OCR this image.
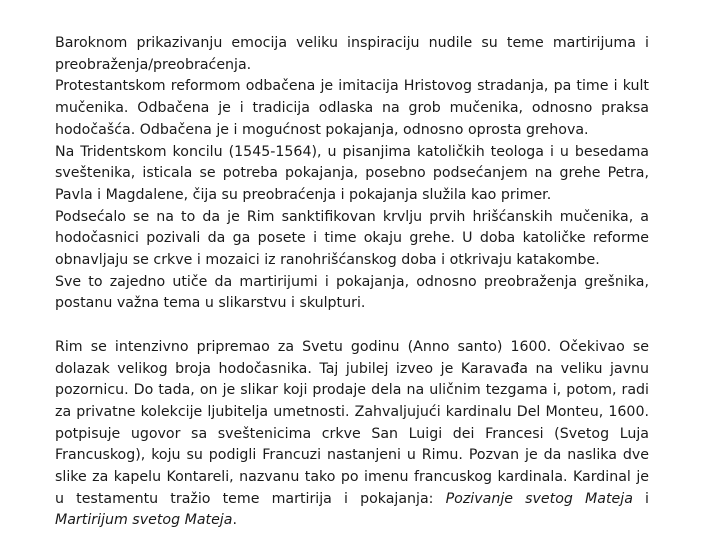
Baroknom prikazivanju emocija veliku inspiraciju nudile su teme martirijuma i preobraženja/preobraćenja.

Protestantskom reformom odbačena je imitacija Hristovog stradanja, pa time i kult mučenika. Odbačena je i tradicija odlaska na grob mučenika, odnosno praksa hodočašća. Odbačena je i mogućnost pokajanja, odnosno oprosta grehova.

Na Tridentskom koncilu (1545-1564), u pisanjima katoličkih teologa i u besedama sveštenika, isticala se potreba pokajanja, posebno podsećanjem na grehe Petra, Pavla i Magdalene, čija su preobraćenja i pokajanja služila kao primer.

Podsećalo se na to da je Rim sanktifikovan krvlju prvih hrišćanskih mučenika, a hodočasnici pozivali da ga posete i time okaju grehe. U doba katoličke reforme obnavljaju se crkve i mozaici iz ranohrišćanskog doba i otkrivaju katakombe.

Sve to zajedno utiče da martirijumi i pokajanja, odnosno preobraženja grešnika, postanu važna tema u slikarstvu i skulpturi.

Rim se intenzivno pripremao za Svetu godinu (Anno santo) 1600. Očekivao se dolazak velikog broja hodočasnika. Taj jubilej izveo je Karavađa na veliku javnu pozornicu. Do tada, on je slikar koji prodaje dela na uličnim tezgama i, potom, radi za privatne kolekcije ljubitelja umetnosti. Zahvaljujući kardinalu Del Monteu, 1600. potpisuje ugovor sa sveštenicima crkve San Luigi dei Francesi (Svetog Luja Francuskog), koju su podigli Francuzi nastanjeni u Rimu. Pozvan je da naslika dve slike za kapelu Kontareli, nazvanu tako po imenu francuskog kardinala. Kardinal je u testamentu tražio teme martirija i pokajanja: Pozivanje svetog Mateja i Martirijum svetog Mateja.
